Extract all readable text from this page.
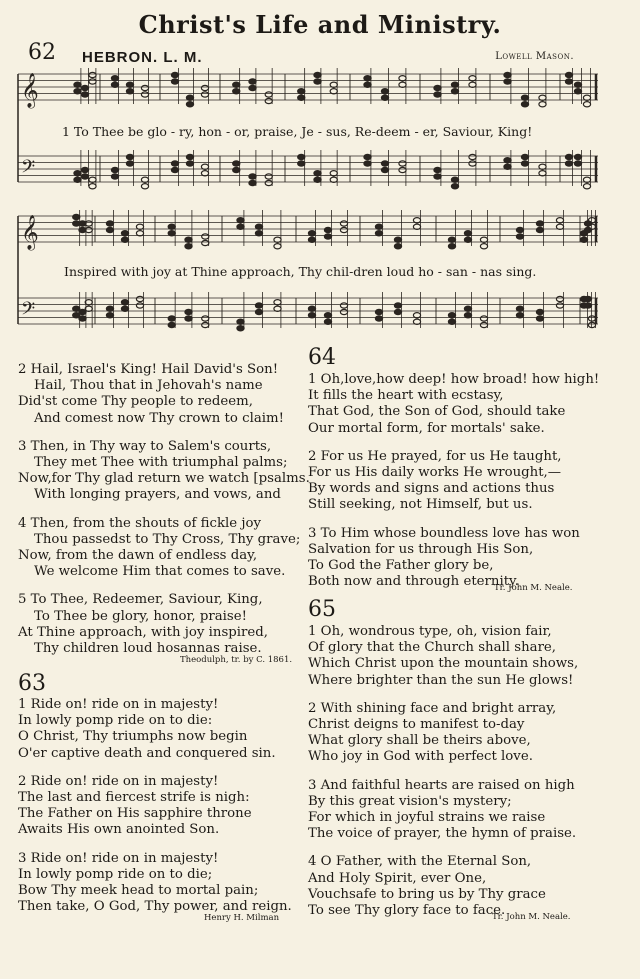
Christ's Life and Ministry.
62 HEBRON. L. M.	Lowell Mason.
𝄞
𝄢
𝄞
𝄢
1 To Thee be glo - ry, hon - or, praise, Je - sus, Re-deem - er, Saviour, King!
Inspired with joy at Thine approach, Thy chil-dren loud ho - san - nas sing.
2 Hail, Israel's King! Hail David's Son!
Hail, Thou that in Jehovah's name
Did'st come Thy people to redeem,
And comest now Thy crown to claim!
3 Then, in Thy way to Salem's courts,
They met Thee with triumphal palms;
Now,for Thy glad return we watch [psalms.
With longing prayers, and vows, and
4 Then, from the shouts of fickle joy
Thou passedst to Thy Cross, Thy grave;
Now, from the dawn of endless day,
We welcome Him that comes to save.
5 To Thee, Redeemer, Saviour, King,
To Thee be glory, honor, praise!
At Thine approach, with joy inspired,
Thy children loud hosannas raise.
Theodulph, tr. by C. 1861.
63
1 Ride on! ride on in majesty!
In lowly pomp ride on to die:
O Christ, Thy triumphs now begin
O'er captive death and conquered sin.
2 Ride on! ride on in majesty!
The last and fiercest strife is nigh:
The Father on His sapphire throne
Awaits His own anointed Son.
3 Ride on! ride on in majesty!
In lowly pomp ride on to die;
Bow Thy meek head to mortal pain;
Then take, O God, Thy power, and reign.
Henry H. Milman
64
1 Oh,love,how deep! how broad! how high!
It fills the heart with ecstasy,
That God, the Son of God, should take
Our mortal form, for mortals' sake.
2 For us He prayed, for us He taught,
For us His daily works He wrought,—
By words and signs and actions thus
Still seeking, not Himself, but us.
3 To Him whose boundless love has won
Salvation for us through His Son,
To God the Father glory be,
Both now and through eternity.
Tr. John M. Neale.
65
1 Oh, wondrous type, oh, vision fair,
Of glory that the Church shall share,
Which Christ upon the mountain shows,
Where brighter than the sun He glows!
2 With shining face and bright array,
Christ deigns to manifest to-day
What glory shall be theirs above,
Who joy in God with perfect love.
3 And faithful hearts are raised on high
By this great vision's mystery;
For which in joyful strains we raise
The voice of prayer, the hymn of praise.
4 O Father, with the Eternal Son,
And Holy Spirit, ever One,
Vouchsafe to bring us by Thy grace
To see Thy glory face to face.
Tr. John M. Neale.
